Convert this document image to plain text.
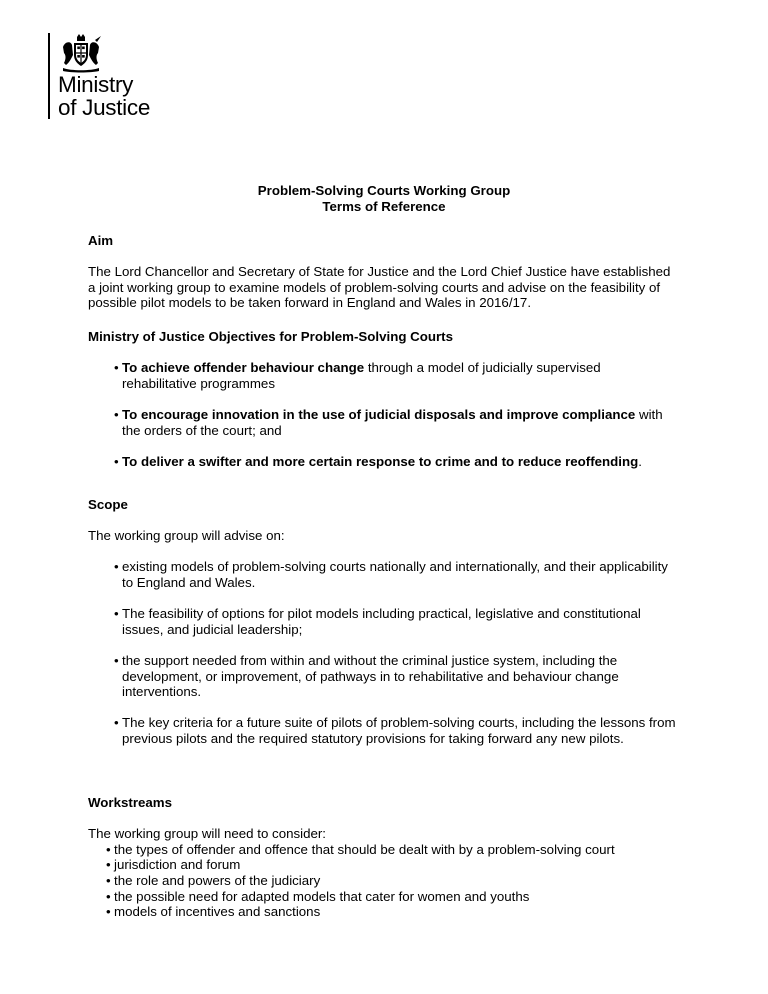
Ministry
of Justice
Problem-Solving Courts Working Group
Terms of Reference
Aim

The Lord Chancellor and Secretary of State for Justice and the Lord Chief Justice have established a joint working group to examine models of problem-solving courts and advise on the feasibility of possible pilot models to be taken forward in England and Wales in 2016/17.

Ministry of Justice Objectives for Problem-Solving Courts
• To achieve offender behaviour change through a model of judicially supervised rehabilitative programmes
• To encourage innovation in the use of judicial disposals and improve compliance with the orders of the court; and
• To deliver a swifter and more certain response to crime and to reduce reoffending.
Scope

The working group will advise on:

• existing models of problem-solving courts nationally and internationally, and their applicability to England and Wales.
• The feasibility of options for pilot models including practical, legislative and constitutional issues, and judicial leadership;
• the support needed from within and without the criminal justice system, including the development, or improvement, of pathways in to rehabilitative and behaviour change interventions.
• The key criteria for a future suite of pilots of problem-solving courts, including the lessons from previous pilots and the required statutory provisions for taking forward any new pilots.
Workstreams

The working group will need to consider:

• the types of offender and offence that should be dealt with by a problem-solving court
• jurisdiction and forum
• the role and powers of the judiciary
• the possible need for adapted models that cater for women and youths
• models of incentives and sanctions
